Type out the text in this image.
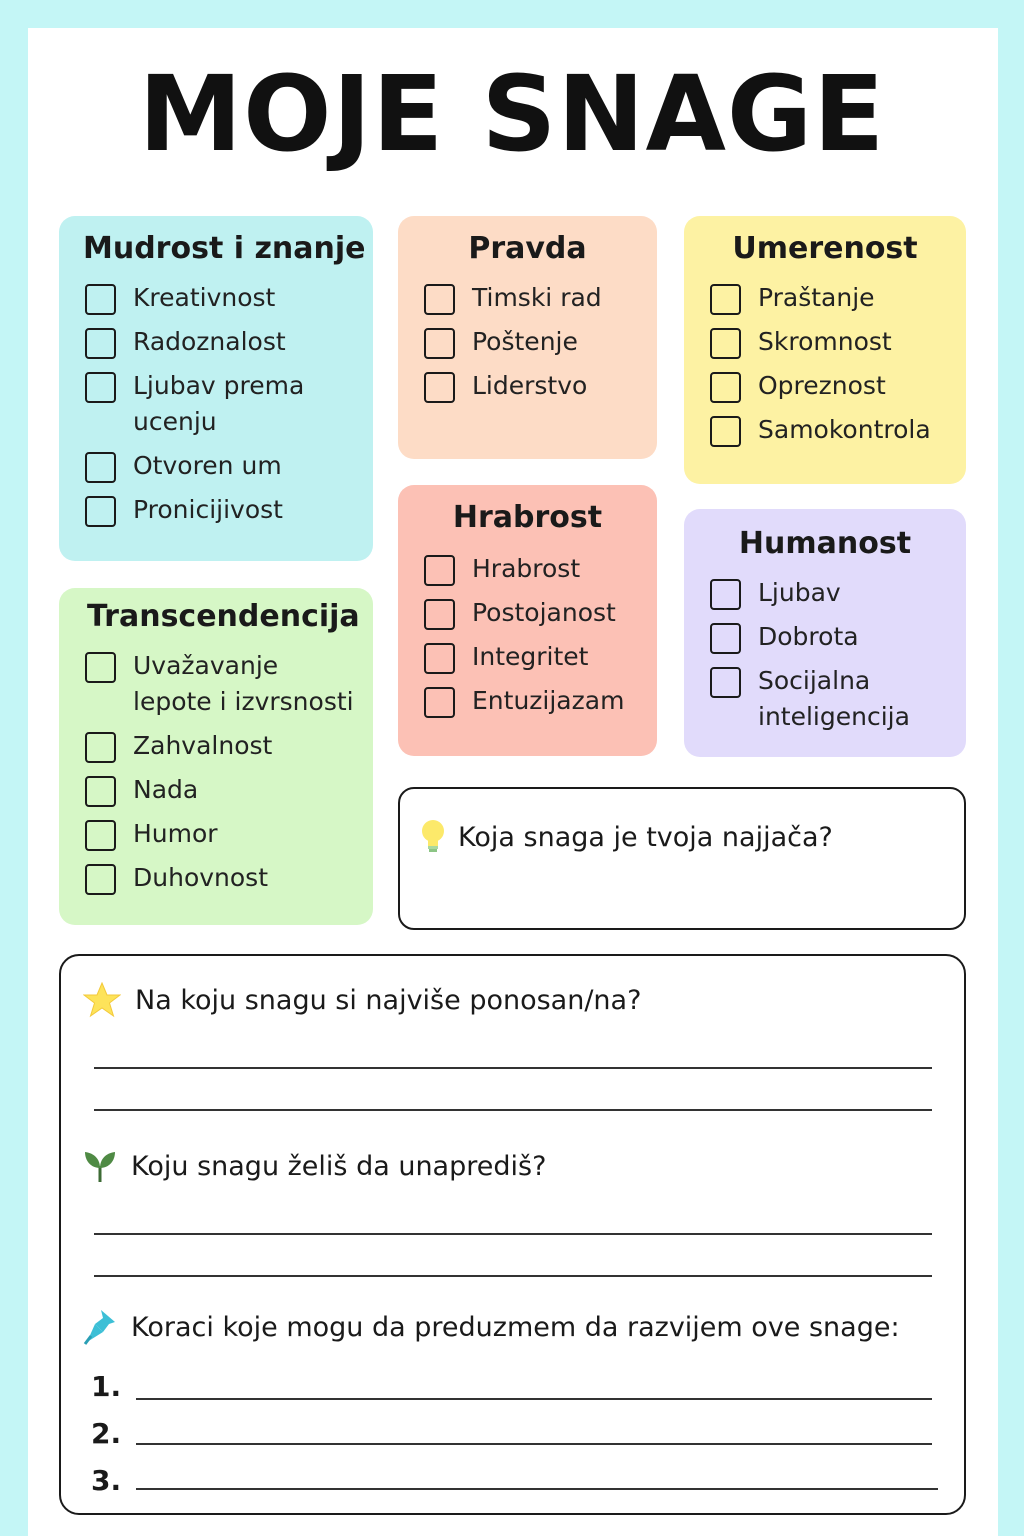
MOJE SNAGE
Mudrost i znanje
Kreativnost
Radoznalost
Ljubav prema ucenju
Otvoren um
Pronicijivost
Pravda
Timski rad
Poštenje
Liderstvo
Umerenost
Praštanje
Skromnost
Opreznost
Samokontrola
Hrabrost
Hrabrost
Postojanost
Integritet
Entuzijazam
Humanost
Ljubav
Dobrota
Socijalna inteligencija
Transcendencija
Uvažavanje lepote i izvrsnosti
Zahvalnost
Nada
Humor
Duhovnost
Koja snaga je tvoja najjača?
Na koju snagu si najviše ponosan/na?
Koju snagu želiš da unaprediš?
Koraci koje mogu da preduzmem da razvijem ove snage:
1.
2.
3.
